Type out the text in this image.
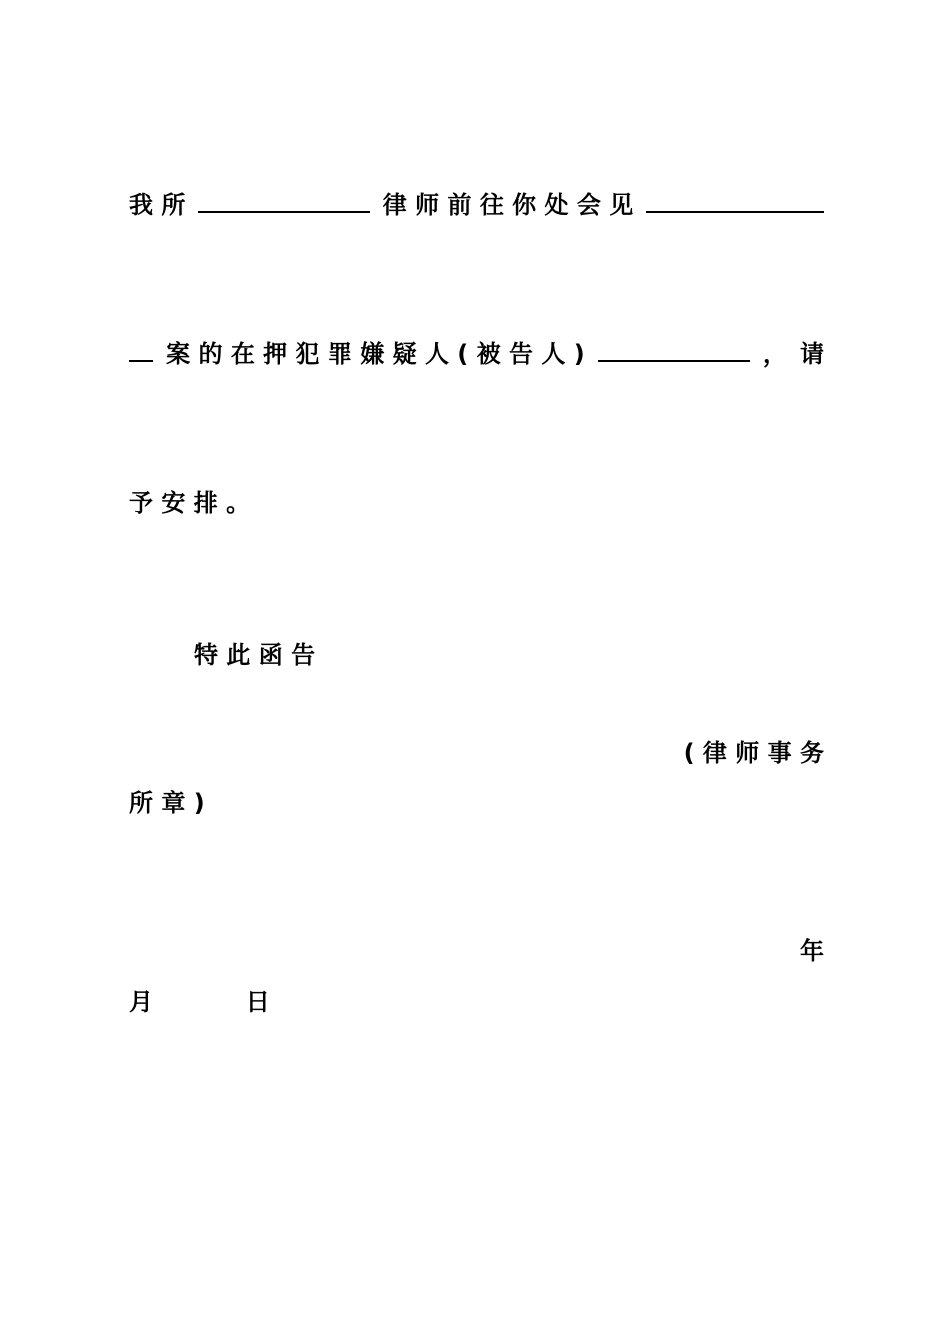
我 所	律 师 前 往 你 处 会 见
案 的 在 押 犯 罪 嫌 疑 人 ( 被 告 人 )	， 请
予 安 排 。
特 此 函 告
( 律 师 事 务
所 章 )
年
月	日
